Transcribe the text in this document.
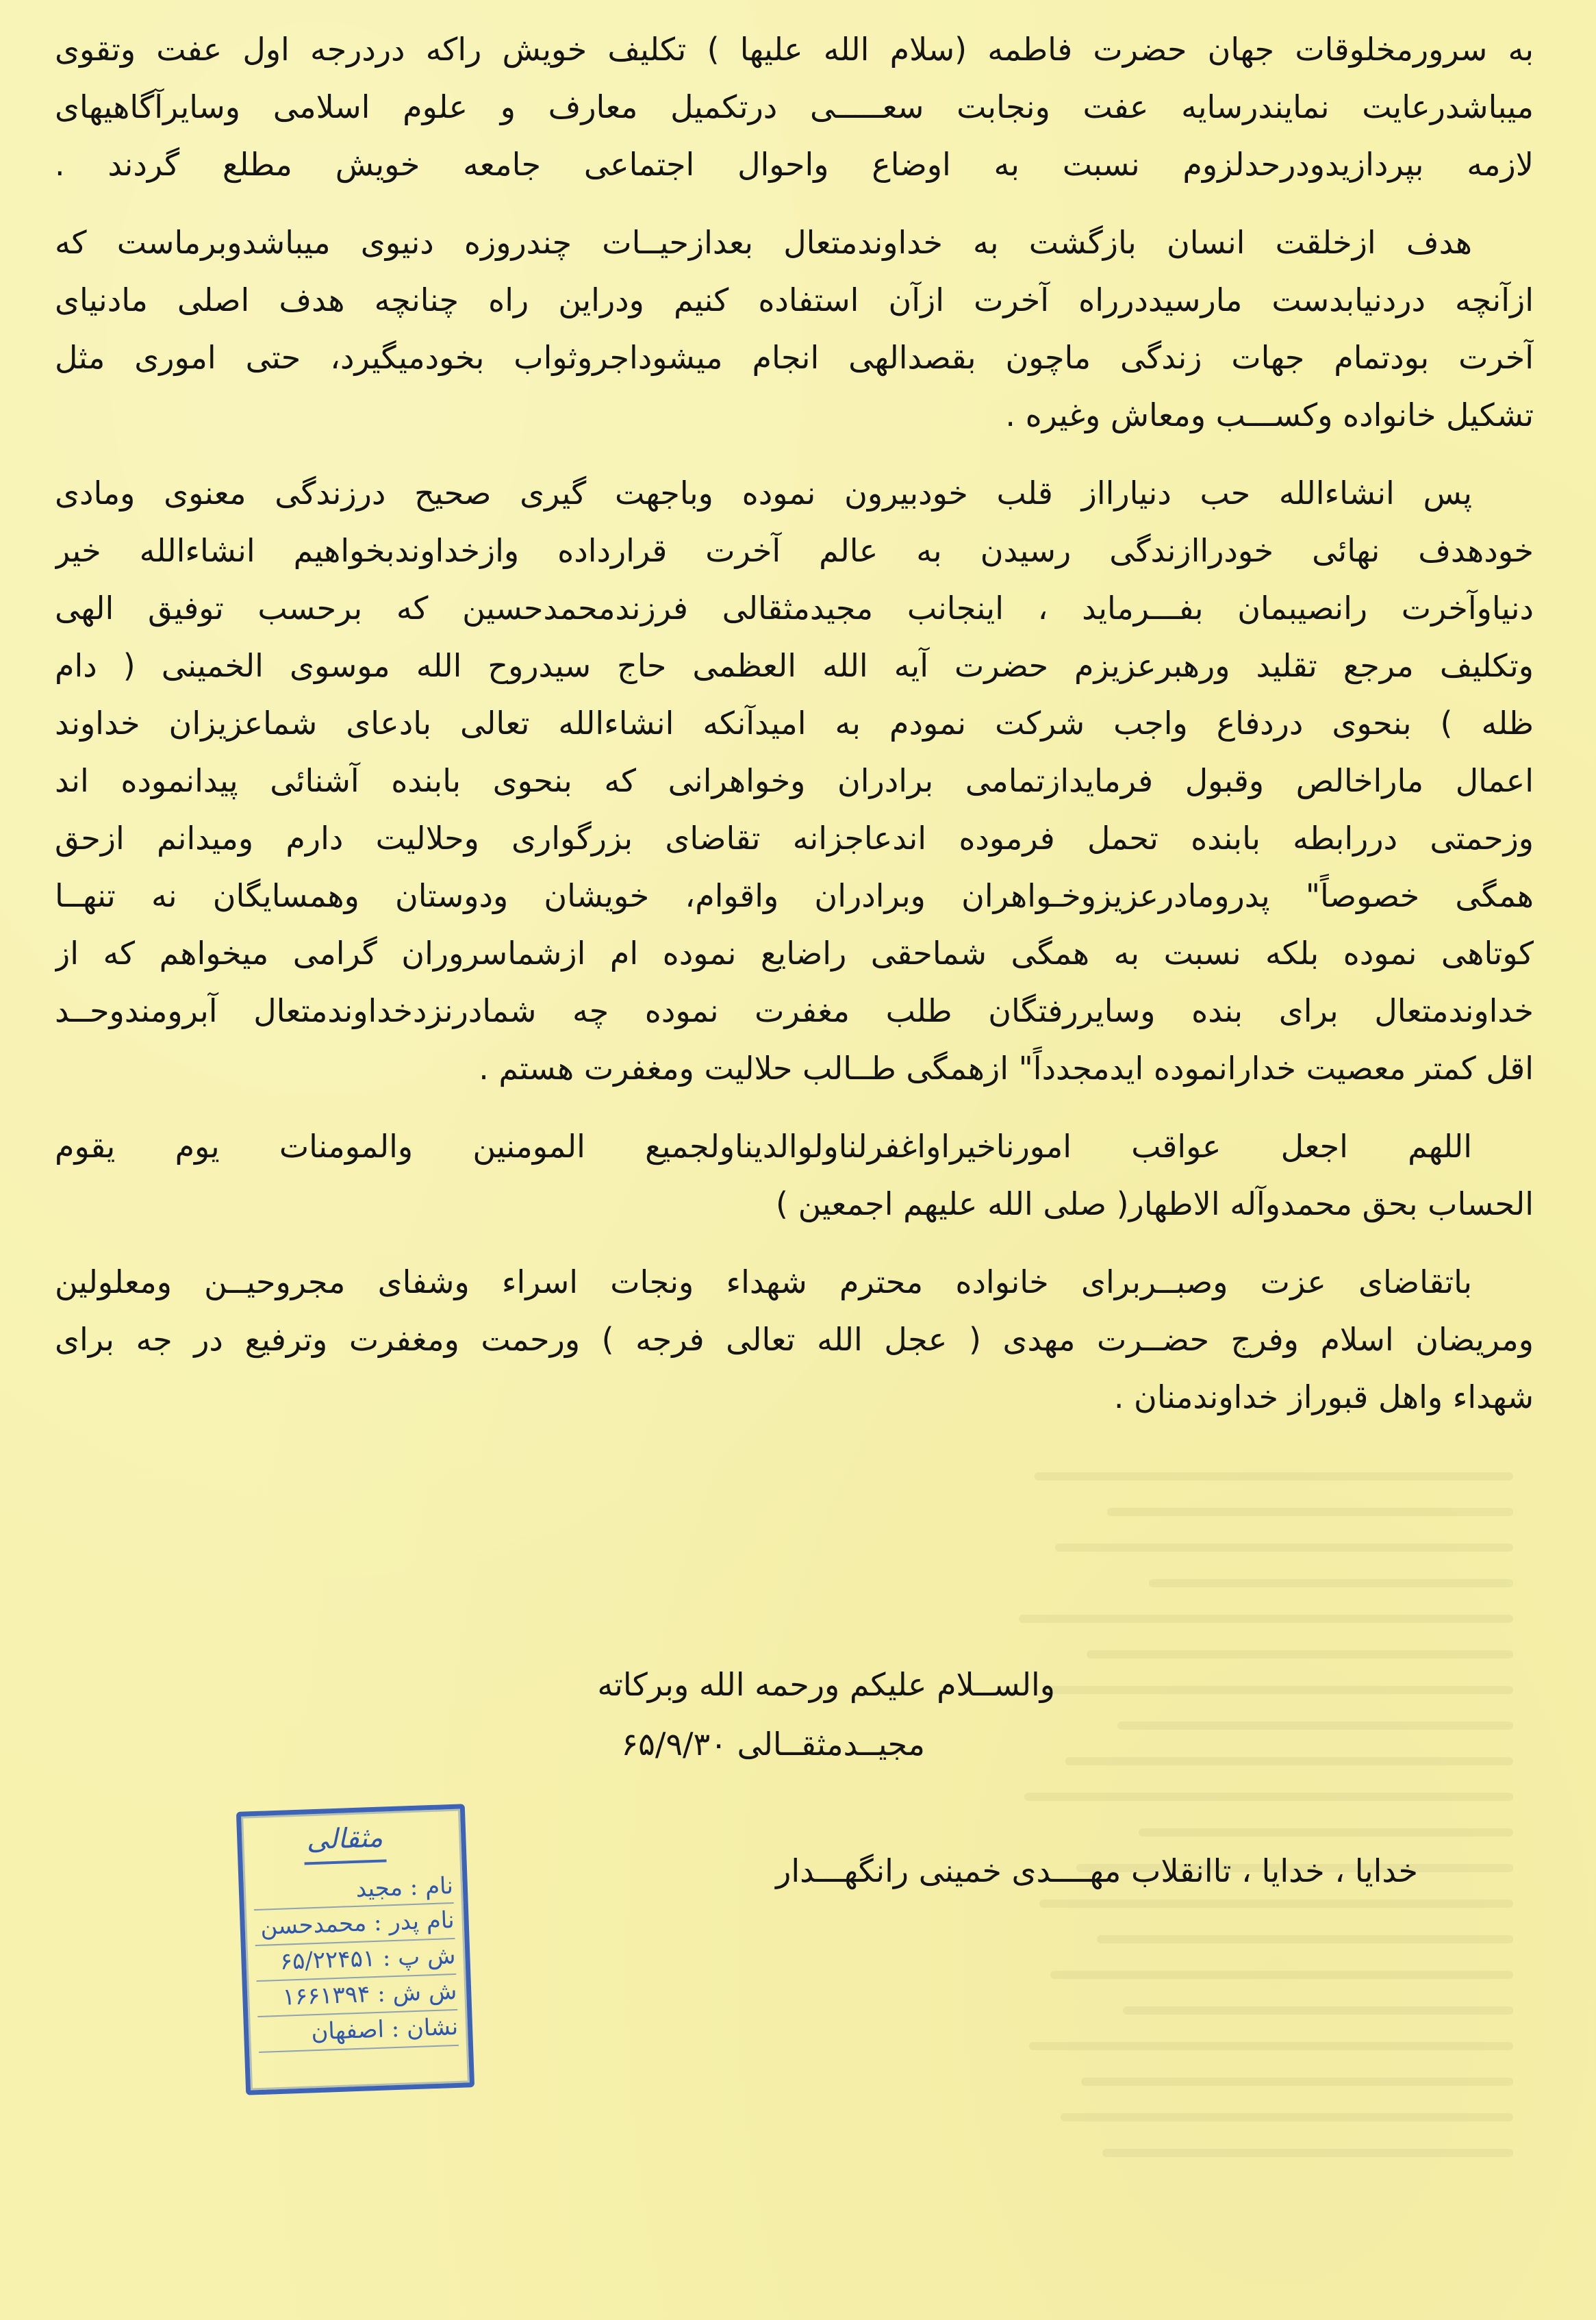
به سرورمخلوقات جهان حضرت فاطمه (سلام الله علیها ) تکلیف خویش راکه دردرجه اول عفت وتقوی
میباشدرعایت نمایندرسایه عفت ونجابت سعـــــی درتکمیل معارف و علوم اسلامی وسایرآگاهیهای
لازمه بپردازیدودرحدلزوم نسبت به اوضاع واحوال اجتماعی جامعه خویش مطلع گردند .
هدف ازخلقت انسان بازگشت به خداوندمتعال بعدازحیــات چندروزه دنیوی میباشدوبرماست که
ازآنچه دردنیابدست مارسیددرراه آخرت ازآن استفاده کنیم ودراین راه چنانچه هدف اصلی مادنیای
آخرت بودتمام جهات زندگی ماچون بقصدالهی انجام میشوداجروثواب بخودمیگیرد، حتی اموری مثل
تشکیل خانواده وکســـب ومعاش وغیره .
پس انشاءالله حب دنیارااز قلب خودبیرون نموده وباجهت گیری صحیح درزندگی معنوی ومادی
خودهدف نهائی خودراازندگی رسیدن به عالم آخرت قرارداده وازخداوندبخواهیم انشاءالله خیر
دنیاوآخرت رانصیبمان بفـــرماید ، اینجانب مجیدمثقالی فرزندمحمدحسین که برحسب توفیق الهی
وتکلیف مرجع تقلید ورهبرعزیزم حضرت آیه الله العظمی حاج سیدروح الله موسوی الخمینی ( دام
ظله ) بنحوی دردفاع واجب شرکت نمودم به امیدآنکه انشاءالله تعالی بادعای شماعزیزان خداوند
اعمال ماراخالص وقبول فرمایدازتمامی برادران وخواهرانی که بنحوی بابنده آشنائی پیدانموده اند
وزحمتی دررابطه بابنده تحمل فرموده اندعاجزانه تقاضای بزرگواری وحلالیت دارم ومیدانم ازحق
همگی خصوصاً" پدرومادرعزیزوخـواهران وبرادران واقوام، خویشان ودوستان وهمسایگان نه تنهــا
کوتاهی نموده بلکه نسبت به همگی شماحقی راضایع نموده ام ازشماسروران گرامی میخواهم که از
خداوندمتعال برای بنده وسایررفتگان طلب مغفرت نموده چه شمادرنزدخداوندمتعال آبرومندوحــد
اقل کمتر معصیت خدارانموده ایدمجدداً" ازهمگی طــالب حلالیت ومغفرت هستم .
اللهم اجعل عواقب امورناخیراواغفرلناولوالدیناولجمیع المومنین والمومنات یوم یقوم
الحساب بحق محمدوآله الاطهار( صلی الله علیهم اجمعین )
باتقاضای عزت وصبــربرای خانواده محترم شهداء ونجات اسراء وشفای مجروحیــن ومعلولین
ومریضان اسلام وفرج حضــرت مهدی ( عجل الله تعالی فرجه ) ورحمت ومغفرت وترفیع در جه برای
شهداء واهل قبوراز خداوندمنان .
والســلام علیکم ورحمه الله وبرکاته
مجیــدمثقــالی ۶۵/۹/۳۰
خدایا ، خدایا ، تاانقلاب مهــــدی خمینی رانگهـــدار
مثقالی
نام : مجید
نام پدر : محمدحسن
ش پ : ۶۵/۲۲۴۵۱
ش ش : ۱۶۶۱۳۹۴
نشان : اصفهان
